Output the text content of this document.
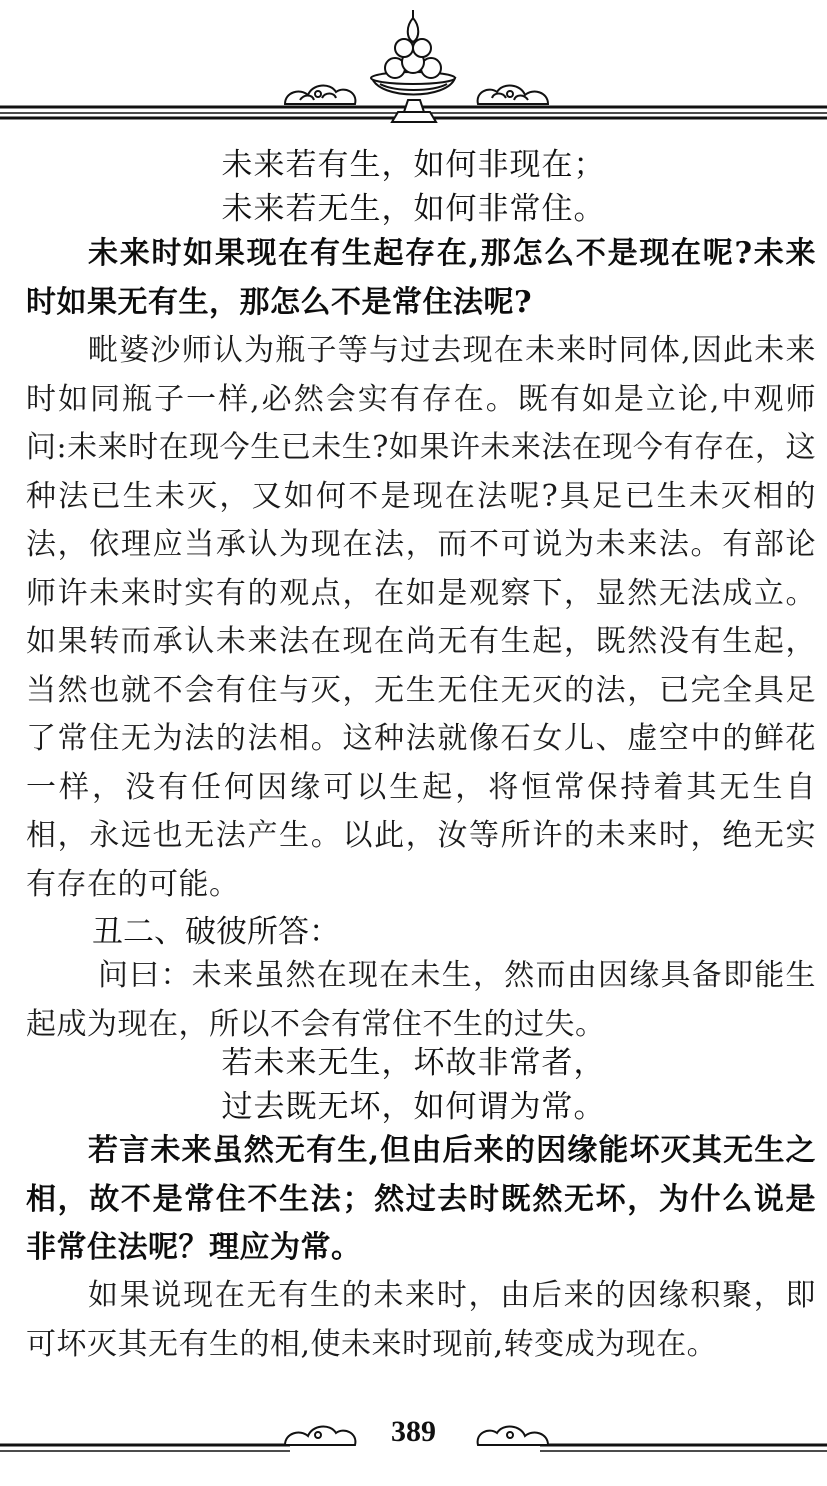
未来若有生，如何非现在；
未来若无生，如何非常住。

未来时如果现在有生起存在,那怎么不是现在呢?未来时如果无有生，那怎么不是常住法呢?

毗婆沙师认为瓶子等与过去现在未来时同体,因此未来时如同瓶子一样,必然会实有存在。既有如是立论,中观师问:未来时在现今生已未生?如果许未来法在现今有存在，这种法已生未灭，又如何不是现在法呢?具足已生未灭相的法，依理应当承认为现在法，而不可说为未来法。有部论师许未来时实有的观点，在如是观察下，显然无法成立。如果转而承认未来法在现在尚无有生起，既然没有生起，当然也就不会有住与灭，无生无住无灭的法，已完全具足了常住无为法的法相。这种法就像石女儿、虚空中的鲜花一样，没有任何因缘可以生起，将恒常保持着其无生自相，永远也无法产生。以此，汝等所许的未来时，绝无实有存在的可能。

丑二、破彼所答：

问曰：未来虽然在现在未生，然而由因缘具备即能生起成为现在，所以不会有常住不生的过失。

若未来无生，坏故非常者，
过去既无坏，如何谓为常。

若言未来虽然无有生,但由后来的因缘能坏灭其无生之相，故不是常住不生法；然过去时既然无坏，为什么说是非常住法呢？理应为常。

如果说现在无有生的未来时，由后来的因缘积聚，即可坏灭其无有生的相,使未来时现前,转变成为现在。

389
